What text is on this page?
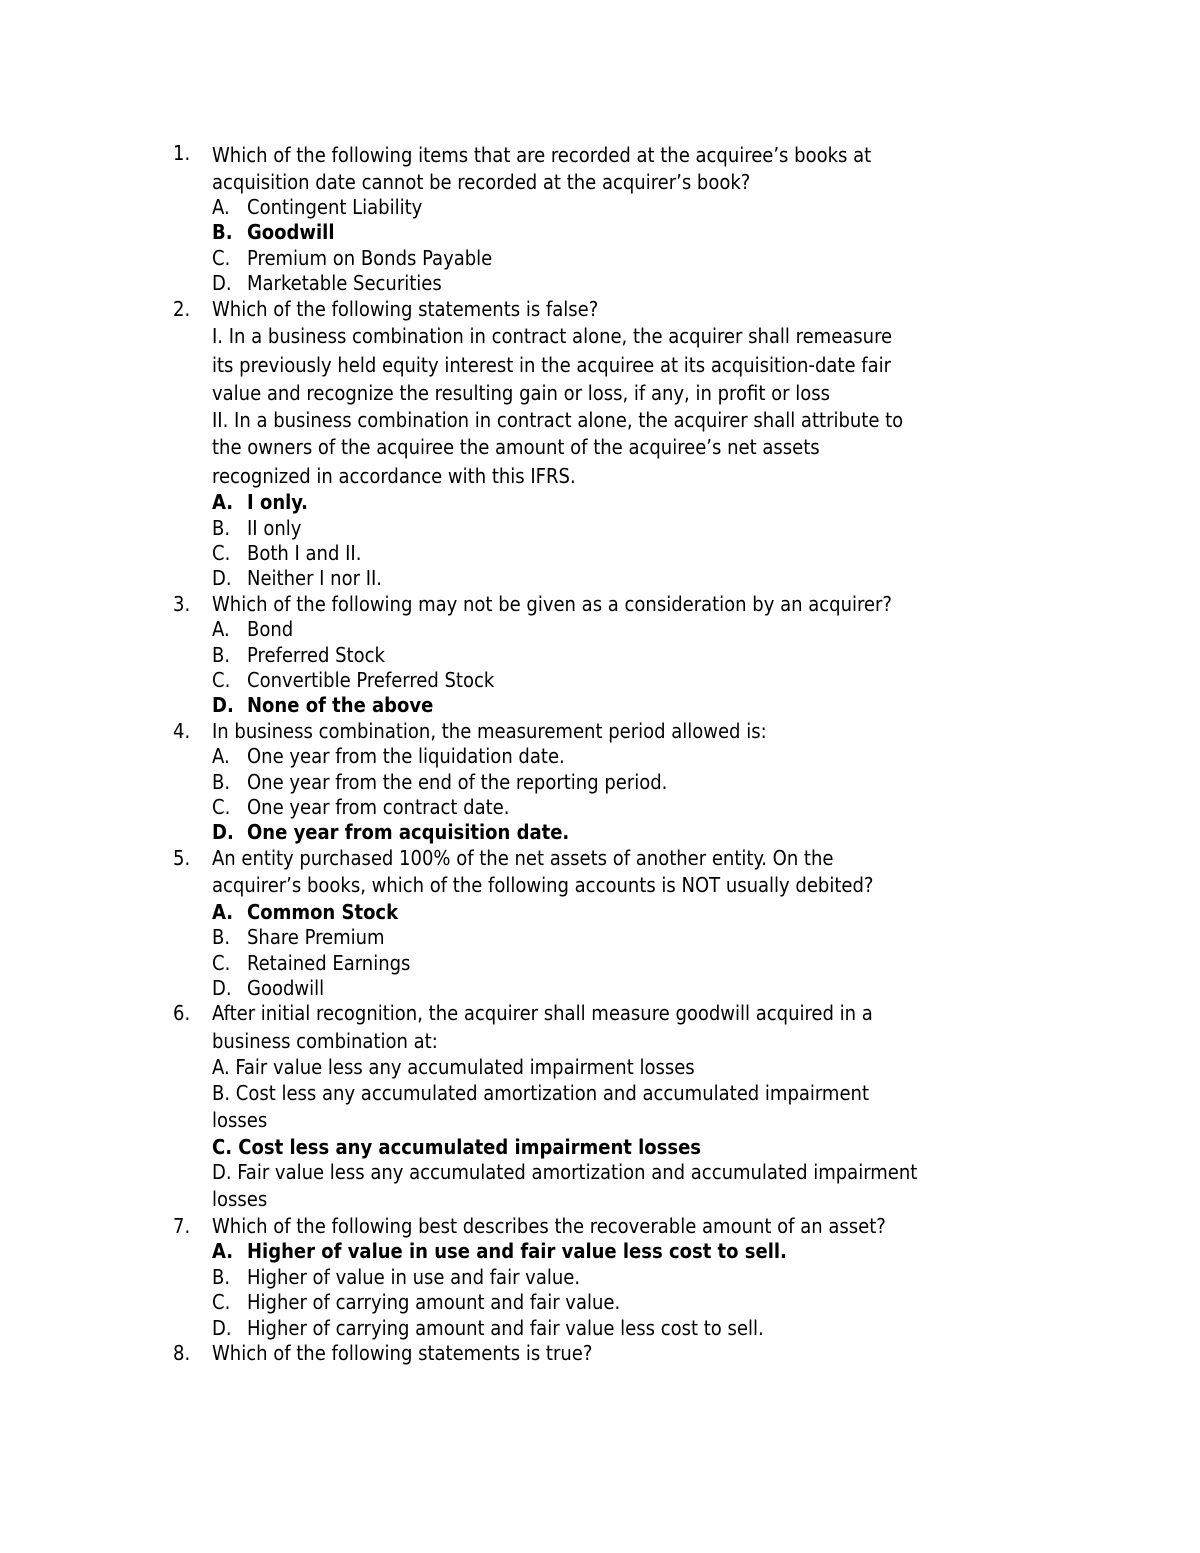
1.	Which of the following items that are recorded at the acquiree’s books at
acquisition date cannot be recorded at the acquirer’s book?
A. Contingent Liability
B. Goodwill
C. Premium on Bonds Payable
D. Marketable Securities
2.	Which of the following statements is false?
I. In a business combination in contract alone, the acquirer shall remeasure
its previously held equity interest in the acquiree at its acquisition-date fair
value and recognize the resulting gain or loss, if any, in profit or loss
II. In a business combination in contract alone, the acquirer shall attribute to
the owners of the acquiree the amount of the acquiree’s net assets
recognized in accordance with this IFRS.
A. I only.
B. II only
C. Both I and II.
D. Neither I nor II.
3.	Which of the following may not be given as a consideration by an acquirer?
A. Bond
B. Preferred Stock
C. Convertible Preferred Stock
D. None of the above
4.	In business combination, the measurement period allowed is:
A. One year from the liquidation date.
B. One year from the end of the reporting period.
C. One year from contract date.
D. One year from acquisition date.
5.	An entity purchased 100% of the net assets of another entity. On the
acquirer’s books, which of the following accounts is NOT usually debited?
A. Common Stock
B. Share Premium
C. Retained Earnings
D. Goodwill
6.	After initial recognition, the acquirer shall measure goodwill acquired in a
business combination at:
A. Fair value less any accumulated impairment losses
B. Cost less any accumulated amortization and accumulated impairment
losses
C. Cost less any accumulated impairment losses
D. Fair value less any accumulated amortization and accumulated impairment
losses
7.	Which of the following best describes the recoverable amount of an asset?
A. Higher of value in use and fair value less cost to sell.
B. Higher of value in use and fair value.
C. Higher of carrying amount and fair value.
D. Higher of carrying amount and fair value less cost to sell.
8.	Which of the following statements is true?
